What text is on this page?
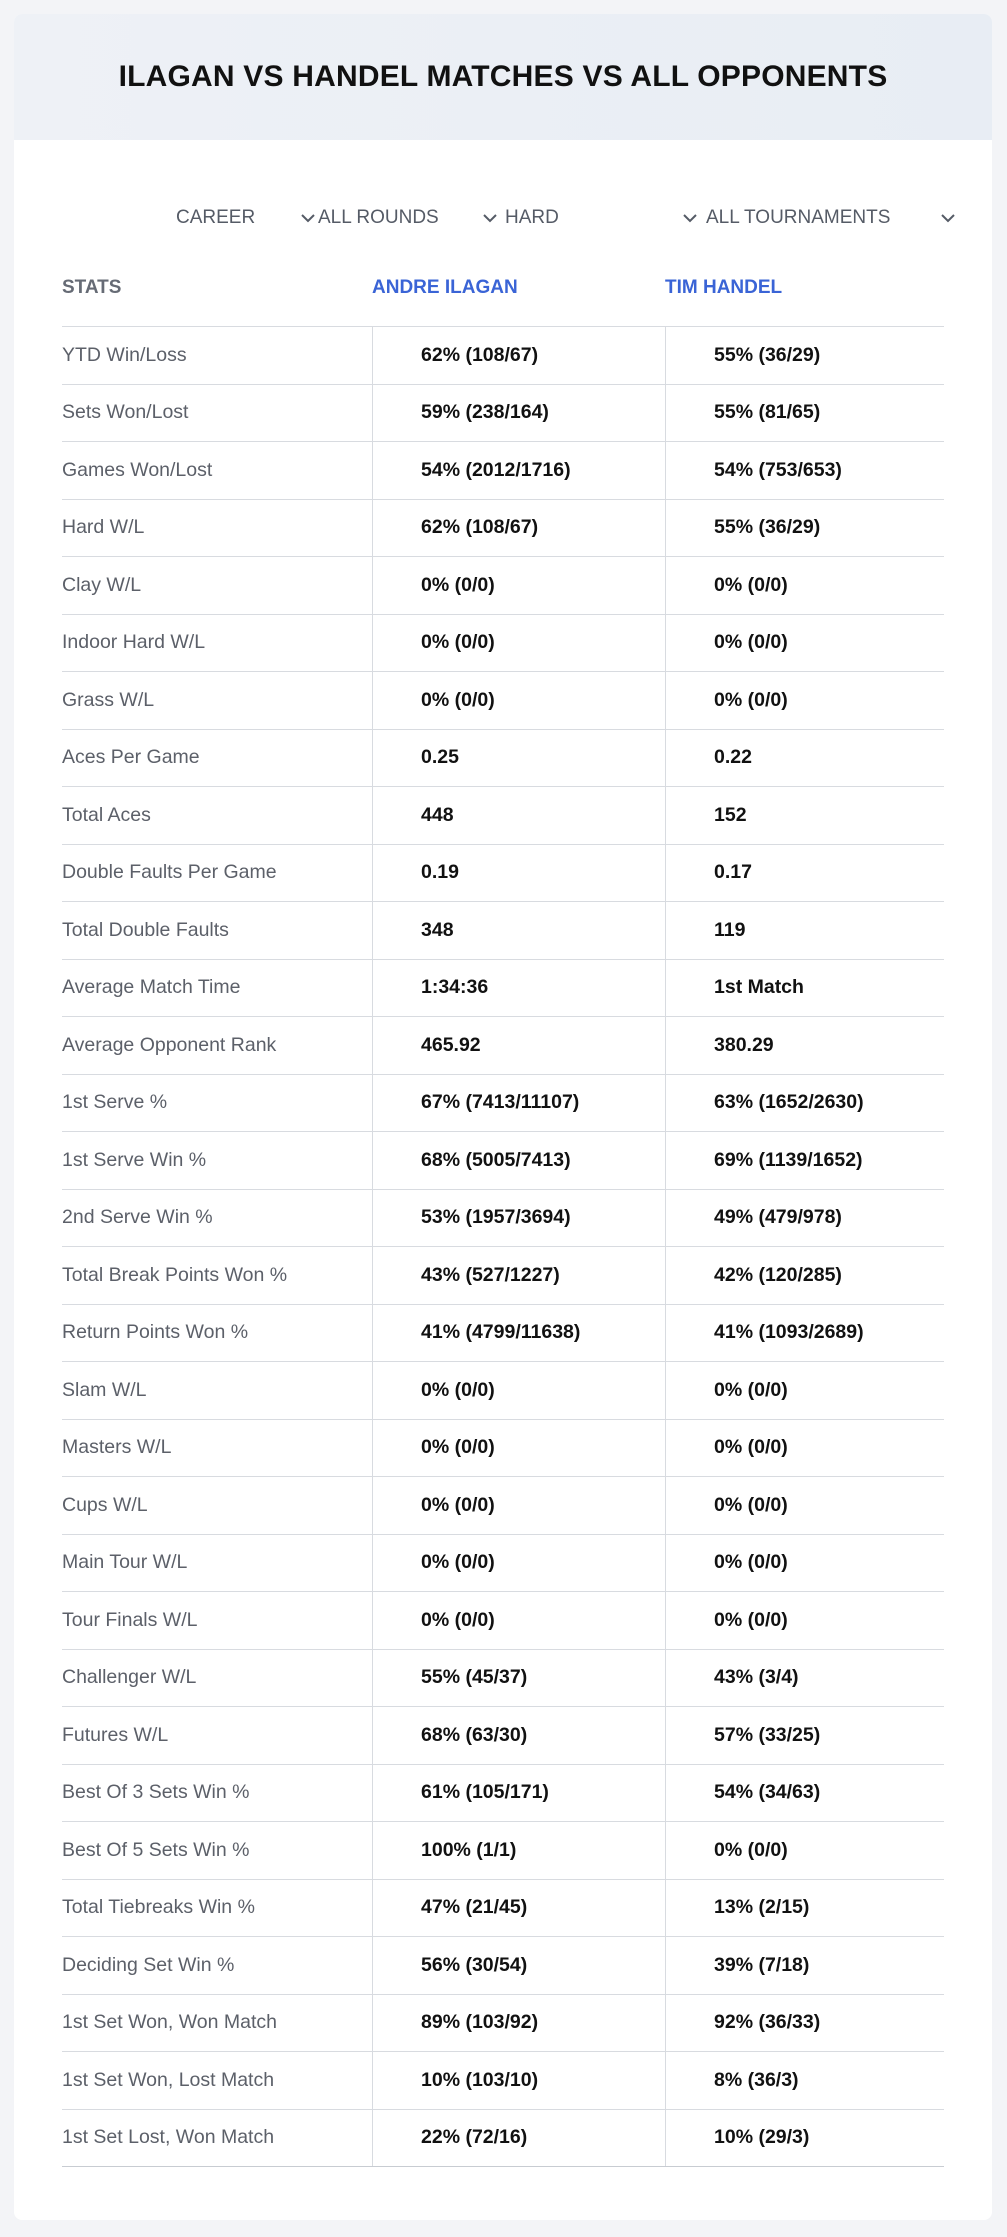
ILAGAN VS HANDEL MATCHES VS ALL OPPONENTS
CAREER	ALL ROUNDS	HARD	ALL TOURNAMENTS
STATS	ANDRE ILAGAN	TIM HANDEL
YTD Win/Loss	62% (108/67)	55% (36/29)
Sets Won/Lost	59% (238/164)	55% (81/65)
Games Won/Lost	54% (2012/1716)	54% (753/653)
Hard W/L	62% (108/67)	55% (36/29)
Clay W/L	0% (0/0)	0% (0/0)
Indoor Hard W/L	0% (0/0)	0% (0/0)
Grass W/L	0% (0/0)	0% (0/0)
Aces Per Game	0.25	0.22
Total Aces	448	152
Double Faults Per Game	0.19	0.17
Total Double Faults	348	119
Average Match Time	1:34:36	1st Match
Average Opponent Rank	465.92	380.29
1st Serve %	67% (7413/11107)	63% (1652/2630)
1st Serve Win %	68% (5005/7413)	69% (1139/1652)
2nd Serve Win %	53% (1957/3694)	49% (479/978)
Total Break Points Won %	43% (527/1227)	42% (120/285)
Return Points Won %	41% (4799/11638)	41% (1093/2689)
Slam W/L	0% (0/0)	0% (0/0)
Masters W/L	0% (0/0)	0% (0/0)
Cups W/L	0% (0/0)	0% (0/0)
Main Tour W/L	0% (0/0)	0% (0/0)
Tour Finals W/L	0% (0/0)	0% (0/0)
Challenger W/L	55% (45/37)	43% (3/4)
Futures W/L	68% (63/30)	57% (33/25)
Best Of 3 Sets Win %	61% (105/171)	54% (34/63)
Best Of 5 Sets Win %	100% (1/1)	0% (0/0)
Total Tiebreaks Win %	47% (21/45)	13% (2/15)
Deciding Set Win %	56% (30/54)	39% (7/18)
1st Set Won, Won Match	89% (103/92)	92% (36/33)
1st Set Won, Lost Match	10% (103/10)	8% (36/3)
1st Set Lost, Won Match	22% (72/16)	10% (29/3)
